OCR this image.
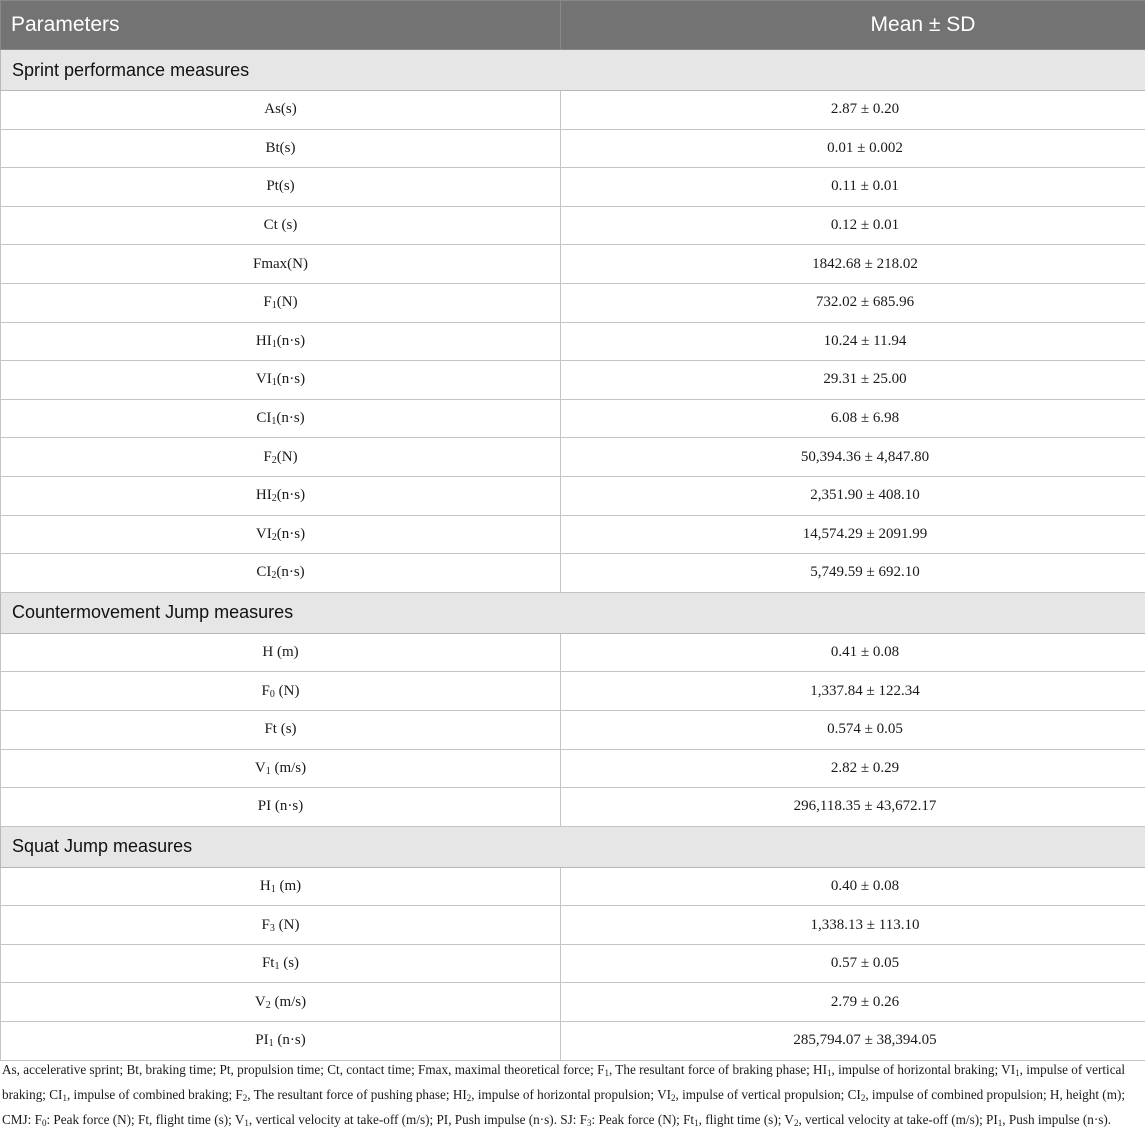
Parameters	Mean ± SD
Sprint performance measures	
As(s)	2.87 ± 0.20
Bt(s)	0.01 ± 0.002
Pt(s)	0.11 ± 0.01
Ct (s)	0.12 ± 0.01
Fmax(N)	1842.68 ± 218.02
$F_1(N)$	732.02 ± 685.96
$HI_1(n\cdot s)$	10.24 ± 11.94
$VI_1(n\cdot s)$	29.31 ± 25.00
$CI_1(n\cdot s)$	6.08 ± 6.98
$F_2(N)$	50,394.36 ± 4,847.80
$HI_2(n\cdot s)$	2,351.90 ± 408.10
$VI_2(n\cdot s)$	14,574.29 ± 2091.99
$CI_2(n\cdot s)$	5,749.59 ± 692.10
Countermovement Jump measures	
H (m)	0.41 ± 0.08
$F_0$ (N)	1,337.84 ± 122.34
Ft (s)	0.574 ± 0.05
$V_1$ (m/s)	2.82 ± 0.29
PI (n·s)	296,118.35 ± 43,672.17
Squat Jump measures	
$H_1$ (m)	0.40 ± 0.08
$F_3$ (N)	1,338.13 ± 113.10
$Ft_1$ (s)	0.57 ± 0.05
$V_2$ (m/s)	2.79 ± 0.26
$PI_1$ (n·s)	285,794.07 ± 38,394.05

As, accelerative sprint; Bt, braking time; Pt, propulsion time; Ct, contact time; Fmax, maximal theoretical force; $F_1$, The resultant force of braking phase; $HI_1$, impulse of horizontal braking; $VI_1$, impulse of vertical braking; $CI_1$, impulse of combined braking; $F_2$, The resultant force of pushing phase; $HI_2$, impulse of horizontal propulsion; $VI_2$, impulse of vertical propulsion; $CI_2$, impulse of combined propulsion; H, height (m); CMJ: $F_0$: Peak force (N); Ft, flight time (s); $V_1$, vertical velocity at take-off (m/s); PI, Push impulse (n·s). SJ: $F_3$: Peak force (N); $Ft_1$, flight time (s); $V_2$, vertical velocity at take-off (m/s); $PI_1$, Push impulse (n·s).
